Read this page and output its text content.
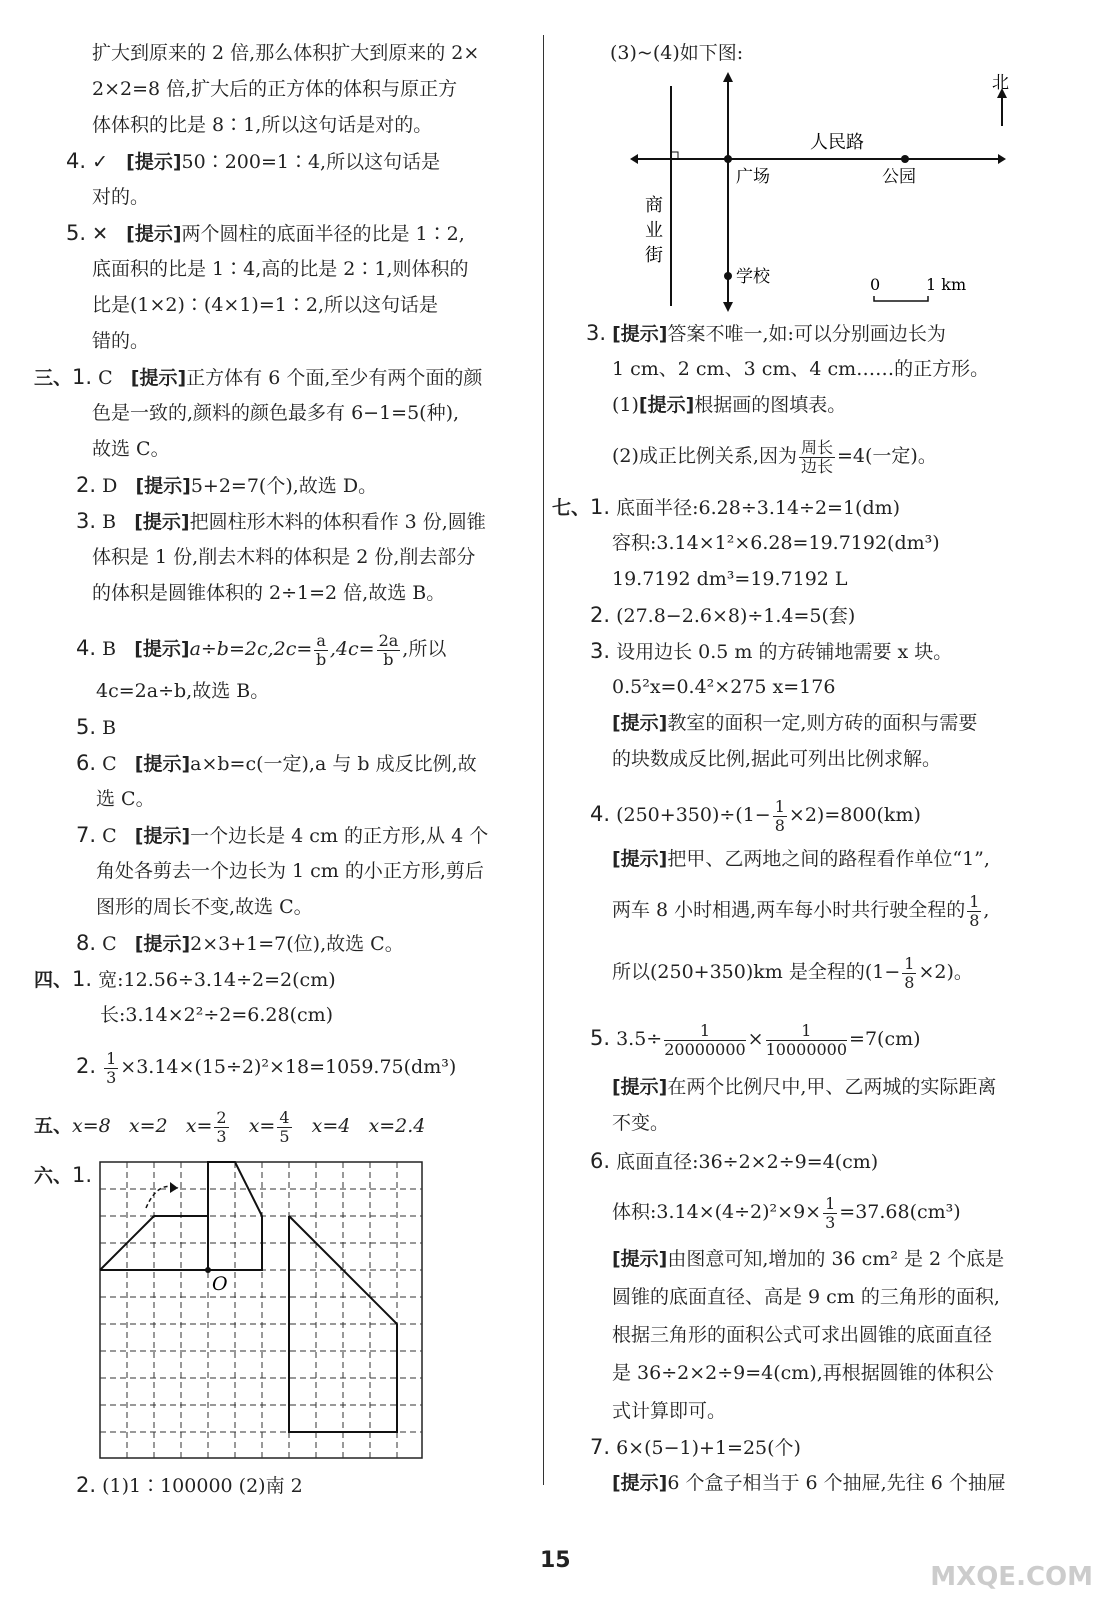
扩大到原来的 2 倍,那么体积扩大到原来的 2×
2×2=8 倍,扩大后的正方体的体积与原正方
体体积的比是 8∶1,所以这句话是对的。
4. ✓ [提示]50∶200=1∶4,所以这句话是
对的。
5. ✕ [提示]两个圆柱的底面半径的比是 1∶2,
底面积的比是 1∶4,高的比是 2∶1,则体积的
比是(1×2)∶(4×1)=1∶2,所以这句话是
错的。
三、1. C [提示]正方体有 6 个面,至少有两个面的颜
色是一致的,颜料的颜色最多有 6−1=5(种),
故选 C。
2. D [提示]5+2=7(个),故选 D。
3. B [提示]把圆柱形木料的体积看作 3 份,圆锥
体积是 1 份,削去木料的体积是 2 份,削去部分
的体积是圆锥体积的 2÷1=2 倍,故选 B。
4. B [提示]$a\div b=2c,2c= \frac{a}{b} ,4c= \frac{2a}{b}$ ,所以
4c=2a÷b,故选 B。
5. B
6. C [提示]a×b=c(一定),a 与 b 成反比例,故
选 C。
7. C [提示]一个边长是 4 cm 的正方形,从 4 个
角处各剪去一个边长为 1 cm 的小正方形,剪后
图形的周长不变,故选 C。
8. C [提示]2×3+1=7(位),故选 C。
四、1. 宽:12.56÷3.14÷2=2(cm)
长:3.14×2²÷2=6.28(cm)
2. $\frac{1}{3} \times 3.14\times(15\div 2)^2\times 18=1059.75(dm^3)$
五、x=8 x=2 $x= \frac{2}{3} x= \frac{4}{5} x=4$ x=2.4
六、1.
O
2. (1)1∶100000 (2)南 2
(3)~(4)如下图:
北
人民路
广场	公园
商
业
街
学校	0	1 km
3. [提示]答案不唯一,如:可以分别画边长为
1 cm、2 cm、3 cm、4 cm……的正方形。
(1)[提示]根据画的图填表。
(2)成正比例关系,因为 $\frac{\text{周长}}{\text{边长}} =4$(一定)。
七、1. 底面半径:6.28÷3.14÷2=1(dm)
容积:3.14×1²×6.28=19.7192(dm³)
19.7192 dm³=19.7192 L
2. (27.8−2.6×8)÷1.4=5(套)
3. 设用边长 0.5 m 的方砖铺地需要 x 块。
0.5²x=0.4²×275 x=176
[提示]教室的面积一定,则方砖的面积与需要
的块数成反比例,据此可列出比例求解。
4. $(250+350)\div(1- \frac{1}{8} \times 2)=800(km)$
[提示]把甲、乙两地之间的路程看作单位“1”,
两车 8 小时相遇,两车每小时共行驶全程的 $\frac{1}{8}$ ,
所以(250+350)km 是全程的$(1- \frac{1}{8} \times 2)$。
5. $3.5\div \frac{1}{20000000} \times \frac{1}{10000000} =7(cm)$
[提示]在两个比例尺中,甲、乙两城的实际距离
不变。
6. 底面直径:36÷2×2÷9=4(cm)
体积:3.14×(4÷2)²×9× $\frac{1}{3} =37.68(cm^3)$
[提示]由图意可知,增加的 36 cm² 是 2 个底是
圆锥的底面直径、高是 9 cm 的三角形的面积,
根据三角形的面积公式可求出圆锥的底面直径
是 36÷2×2÷9=4(cm),再根据圆锥的体积公
式计算即可。
7. 6×(5−1)+1=25(个)
[提示]6 个盒子相当于 6 个抽屉,先往 6 个抽屉
15
MXQE.COM
